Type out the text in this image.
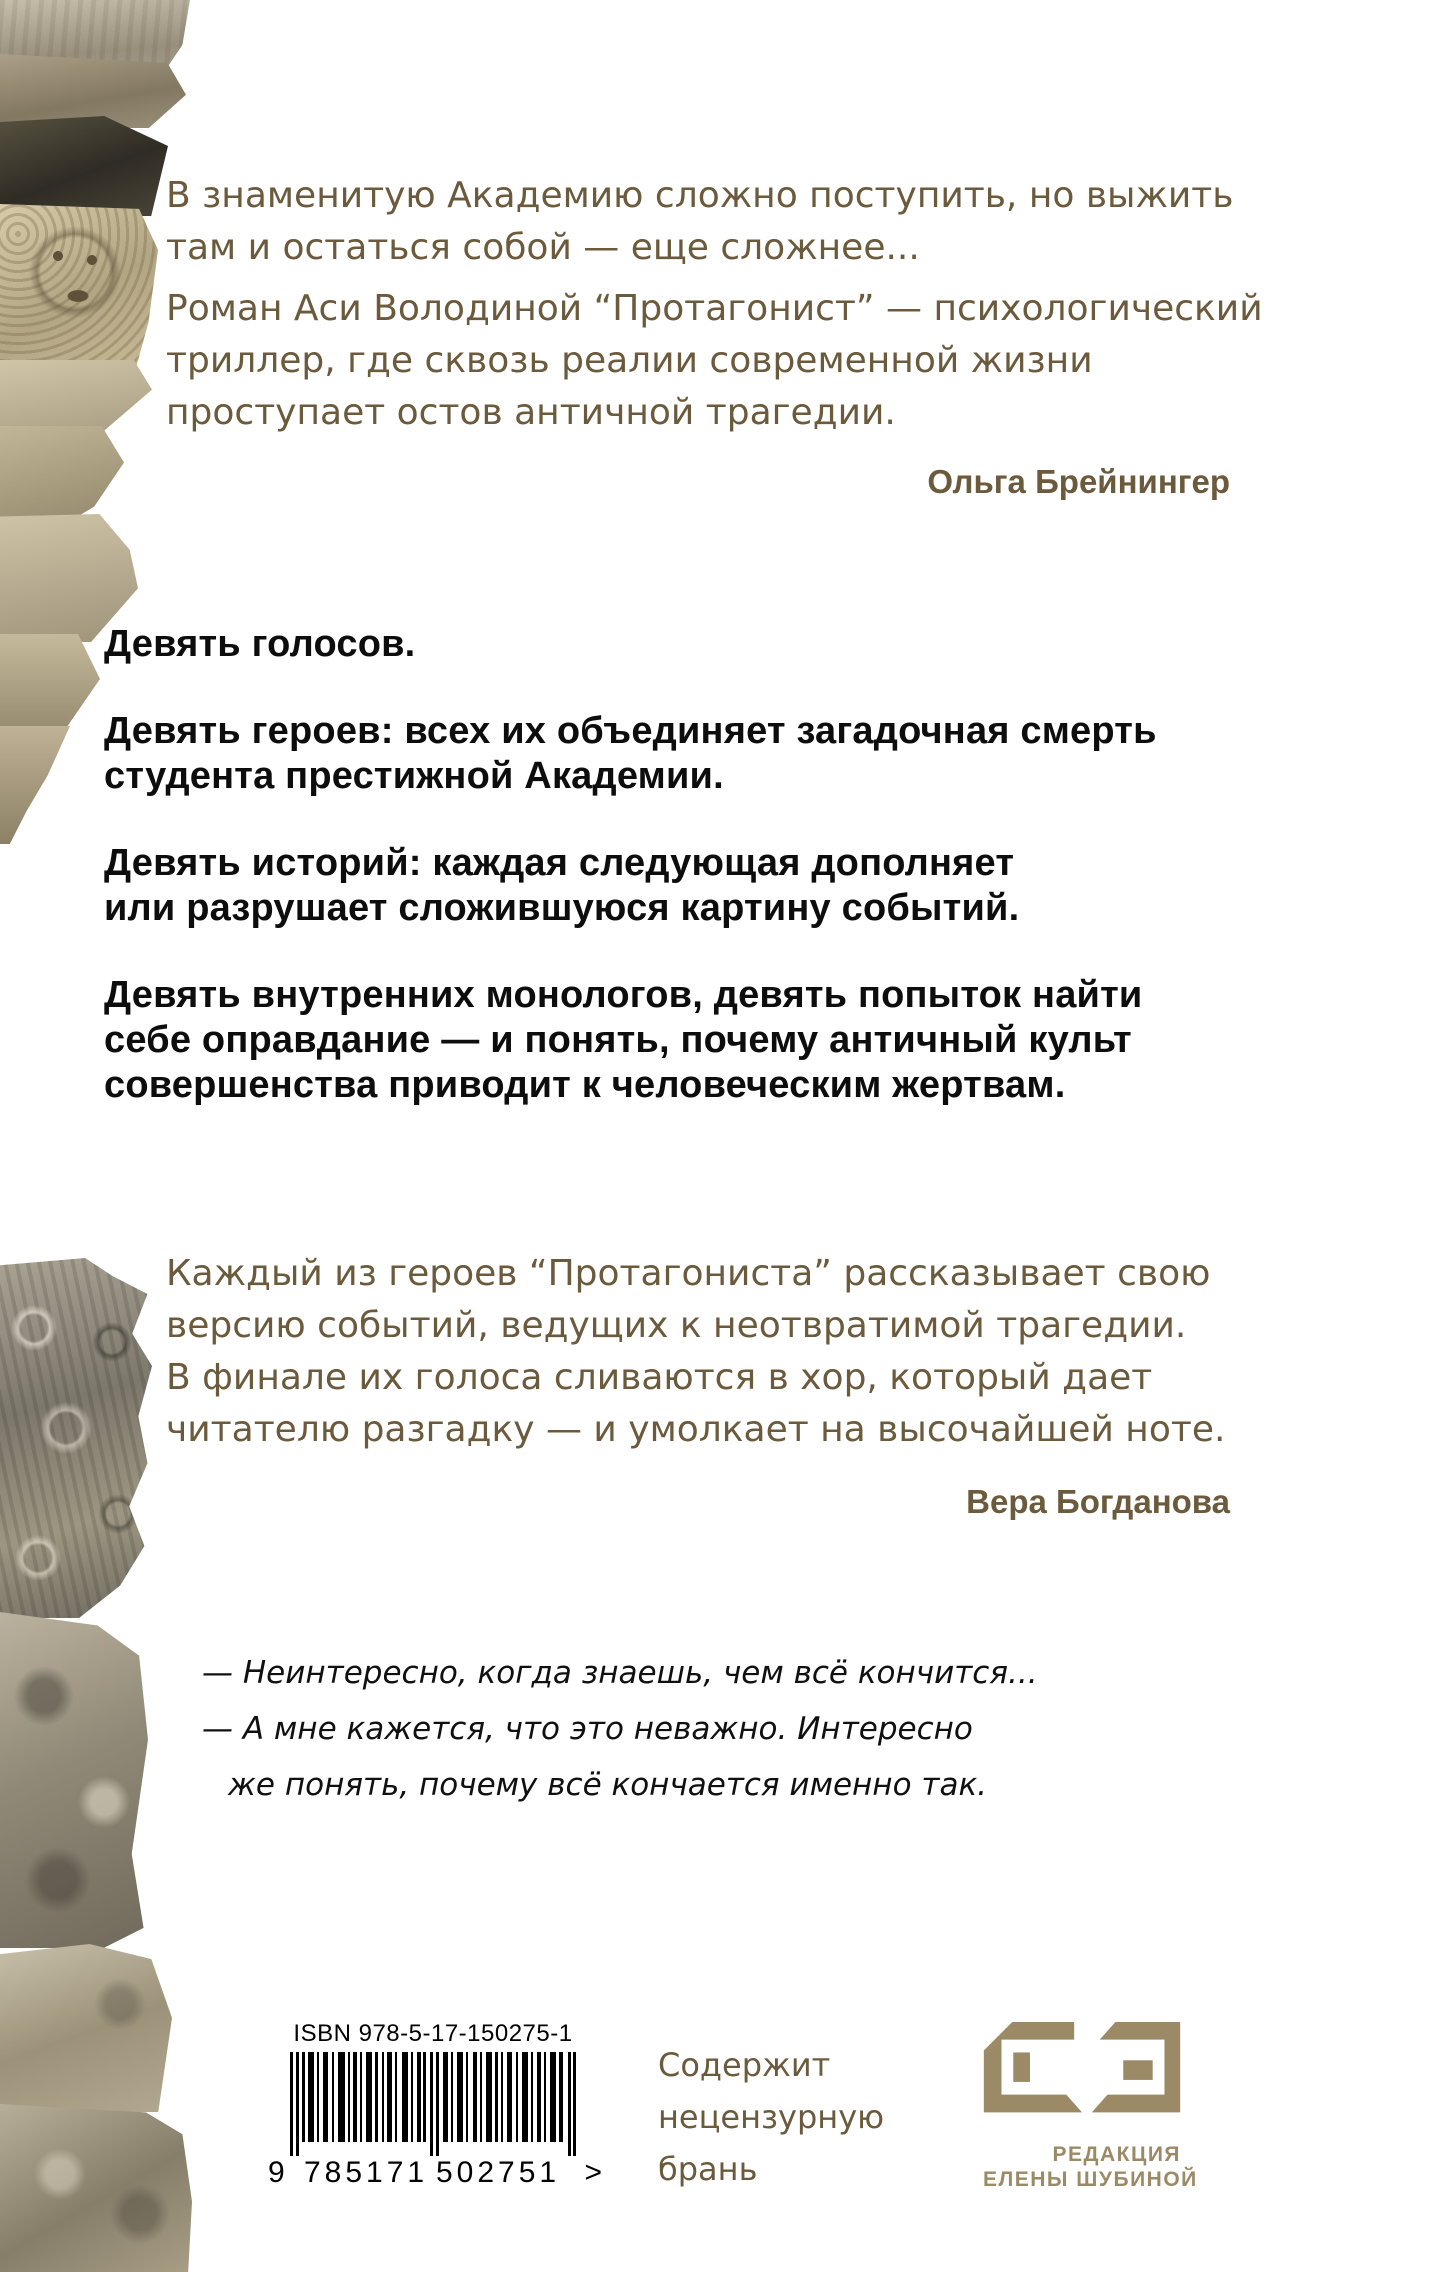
В знаменитую Академию сложно поступить, но выжить
там и остаться собой — еще сложнее...

Роман Аси Володиной “Протагонист” — психологический
триллер, где сквозь реалии современной жизни
проступает остов античной трагедии.

Ольга Брейнингер

Девять голосов.

Девять героев: всех их объединяет загадочная смерть
студента престижной Академии.

Девять историй: каждая следующая дополняет
или разрушает сложившуюся картину событий.

Девять внутренних монологов, девять попыток найти
себе оправдание — и понять, почему античный культ
совершенства приводит к человеческим жертвам.

Каждый из героев “Протагониста” рассказывает свою
версию событий, ведущих к неотвратимой трагедии.
В финале их голоса сливаются в хор, который дает
читателю разгадку — и умолкает на высочайшей ноте.

Вера Богданова
— Неинтересно, когда знаешь, чем всё кончится...
— А мне кажется, что это неважно. Интересно
же понять, почему всё кончается именно так.
ISBN 978-5-17-150275-1
9 785171 502751 >
Содержит
нецензурную
брань	РЕДАКЦИЯ
ЕЛЕНЫ ШУБИНОЙ
